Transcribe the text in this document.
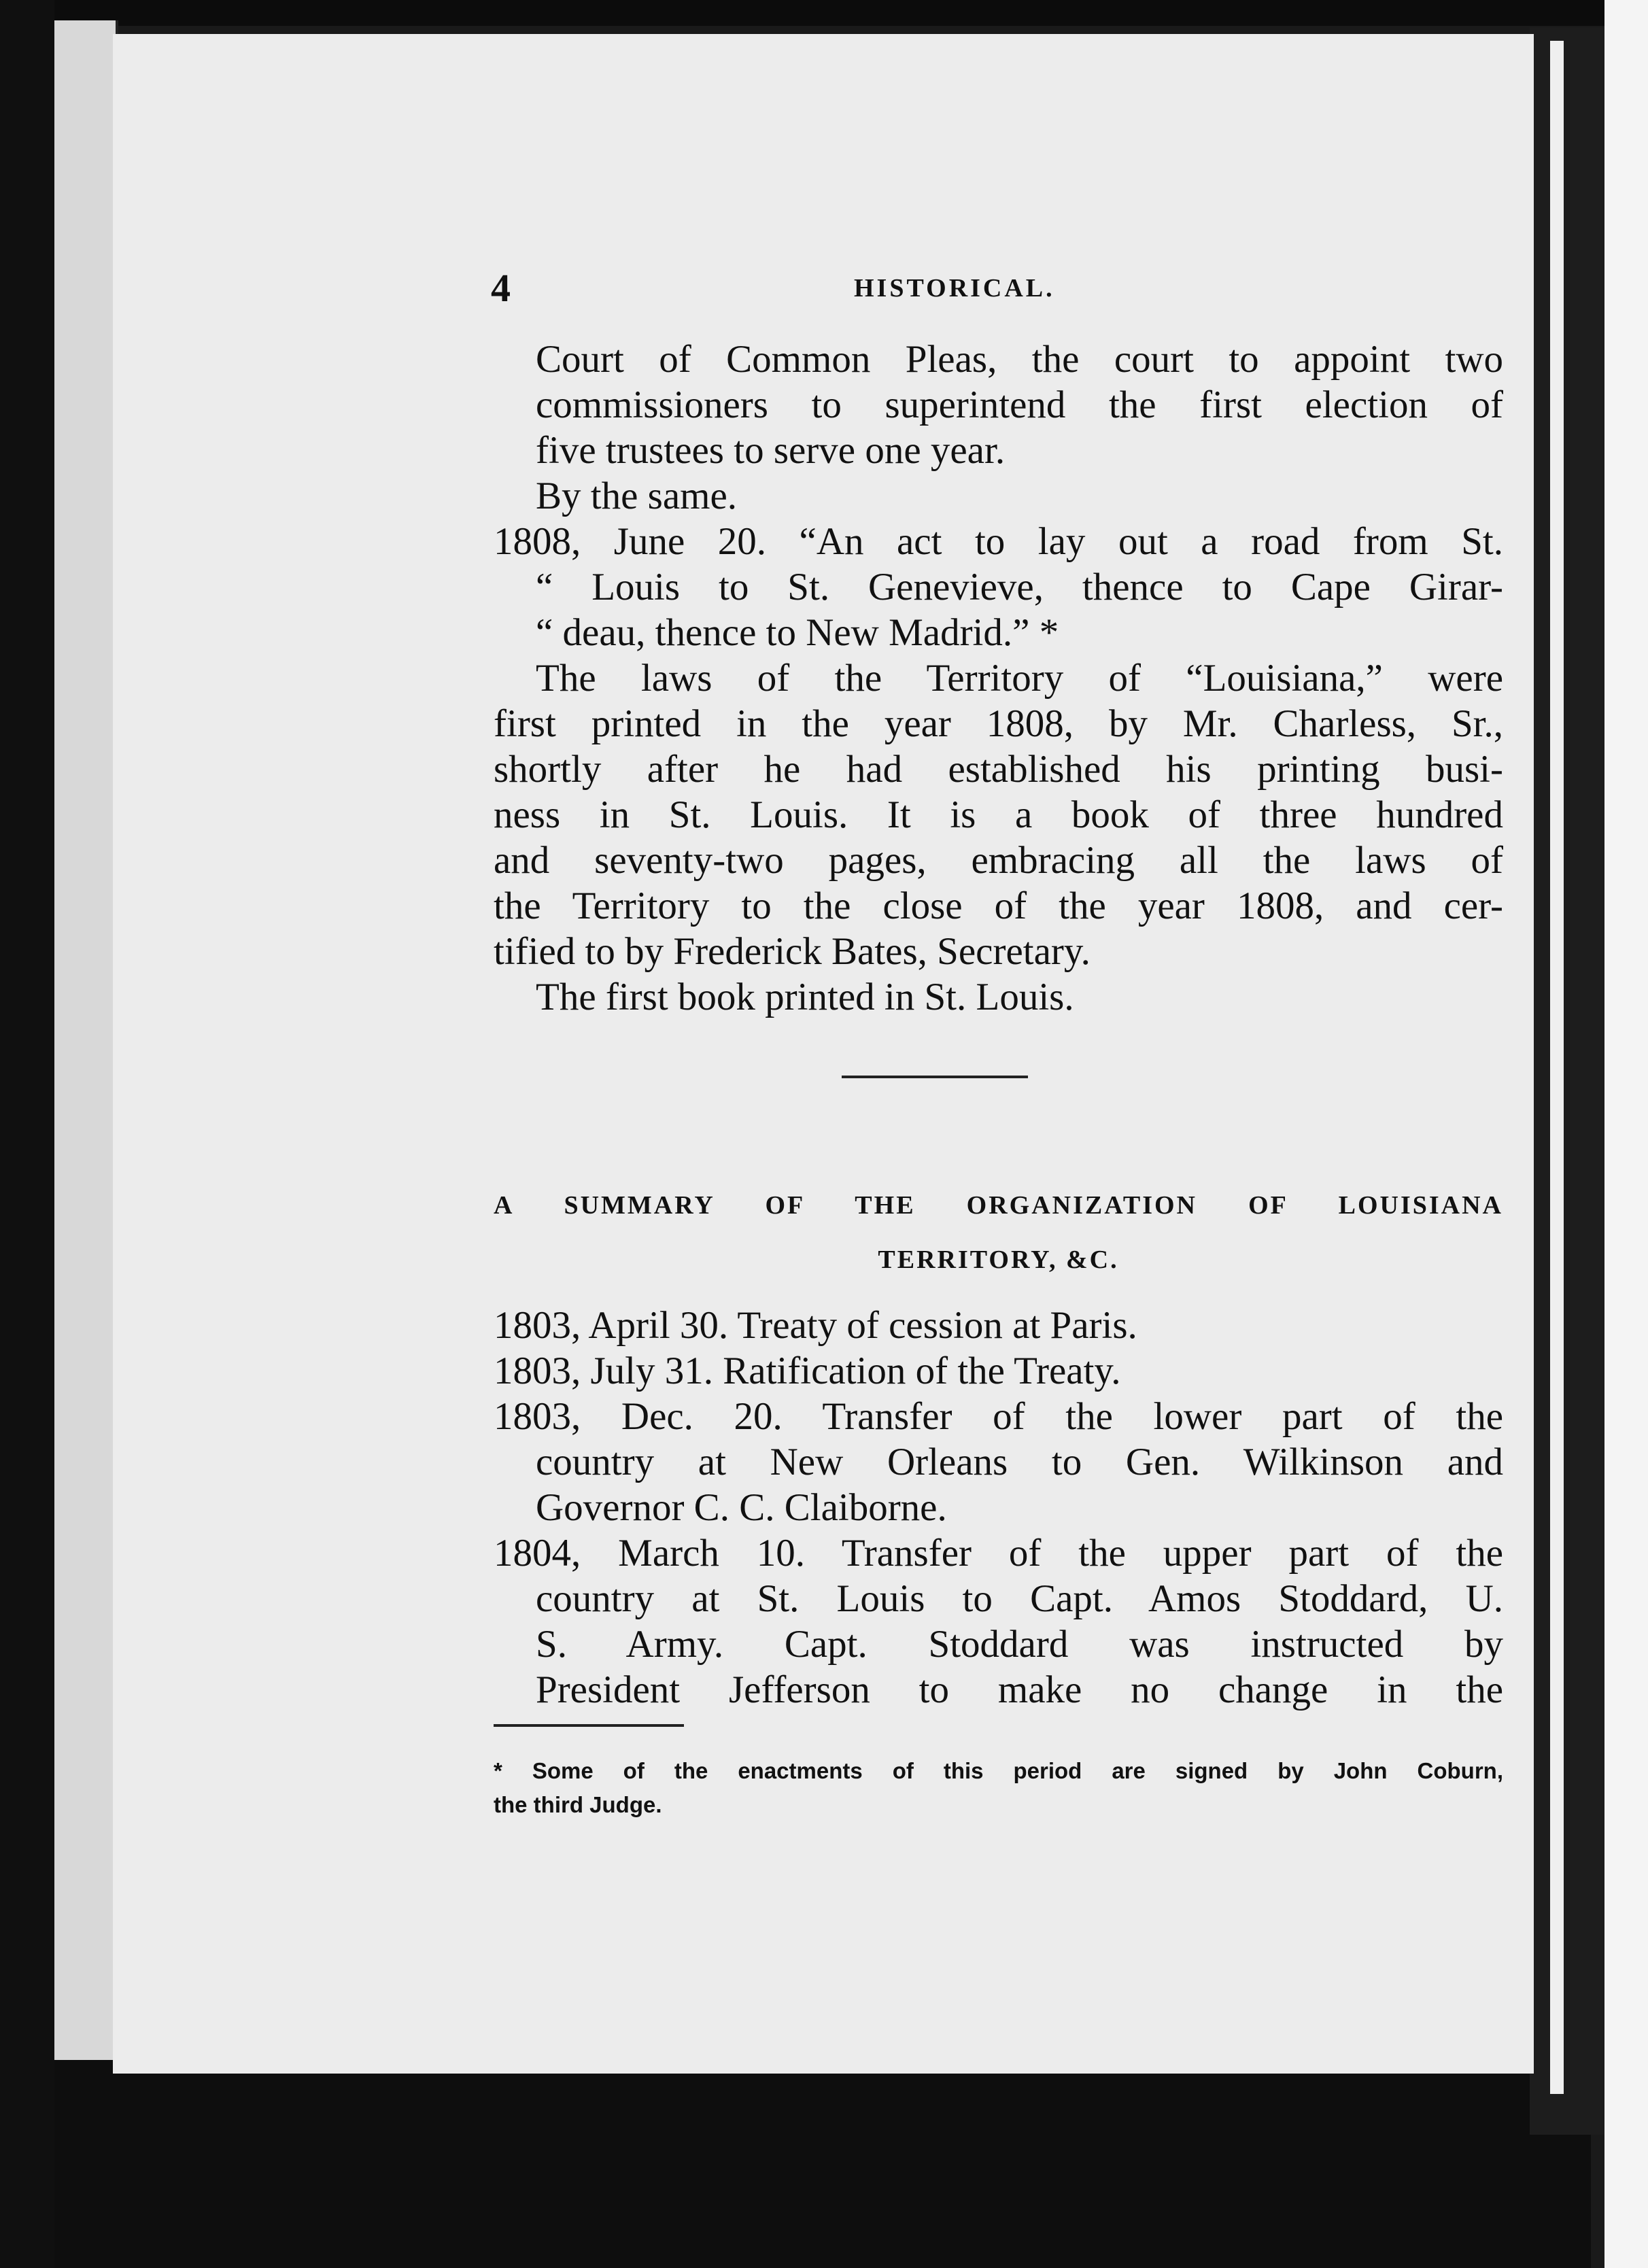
4	HISTORICAL.
Court of Common Pleas, the court to appoint two
commissioners to superintend the first election of
five trustees to serve one year.
By the same.
1808, June 20. “An act to lay out a road from St.
“ Louis to St. Genevieve, thence to Cape Girar-
“ deau, thence to New Madrid.” *
The laws of the Territory of “Louisiana,” were
first printed in the year 1808, by Mr. Charless, Sr.,
shortly after he had established his printing busi-
ness in St. Louis. It is a book of three hundred
and seventy-two pages, embracing all the laws of
the Territory to the close of the year 1808, and cer-
tified to by Frederick Bates, Secretary.
The first book printed in St. Louis.
A SUMMARY OF THE ORGANIZATION OF LOUISIANA
TERRITORY, &C.
1803, April 30. Treaty of cession at Paris.
1803, July 31. Ratification of the Treaty.
1803, Dec. 20. Transfer of the lower part of the
country at New Orleans to Gen. Wilkinson and
Governor C. C. Claiborne.
1804, March 10. Transfer of the upper part of the
country at St. Louis to Capt. Amos Stoddard, U.
S. Army. Capt. Stoddard was instructed by
President Jefferson to make no change in the
* Some of the enactments of this period are signed by John Coburn,
the third Judge.
